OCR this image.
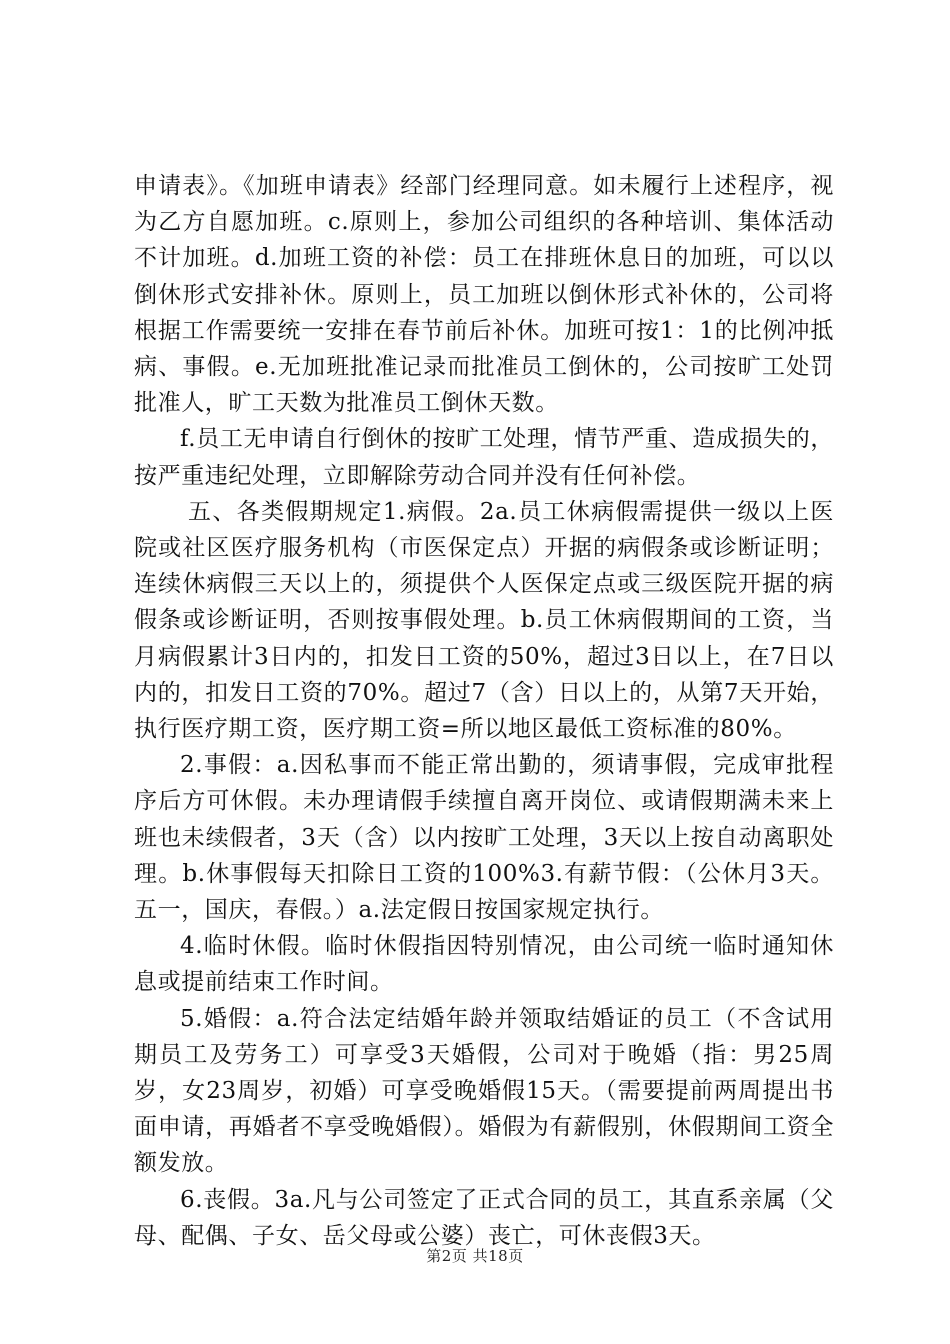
申请表》。《加班申请表》经部门经理同意。如未履行上述程序，视为乙方自愿加班。c.原则上，参加公司组织的各种培训、集体活动不计加班。d.加班工资的补偿：员工在排班休息日的加班，可以以倒休形式安排补休。原则上，员工加班以倒休形式补休的，公司将根据工作需要统一安排在春节前后补休。加班可按1：1的比例冲抵病、事假。e.无加班批准记录而批准员工倒休的，公司按旷工处罚批准人，旷工天数为批准员工倒休天数。

f.员工无申请自行倒休的按旷工处理，情节严重、造成损失的，按严重违纪处理，立即解除劳动合同并没有任何补偿。

五、各类假期规定1.病假。2a.员工休病假需提供一级以上医院或社区医疗服务机构（市医保定点）开据的病假条或诊断证明；连续休病假三天以上的，须提供个人医保定点或三级医院开据的病假条或诊断证明，否则按事假处理。b.员工休病假期间的工资，当月病假累计3日内的，扣发日工资的50%，超过3日以上，在7日以内的，扣发日工资的70%。超过7（含）日以上的，从第7天开始，执行医疗期工资，医疗期工资=所以地区最低工资标准的80%。

2.事假：a.因私事而不能正常出勤的，须请事假，完成审批程序后方可休假。未办理请假手续擅自离开岗位、或请假期满未来上班也未续假者，3天（含）以内按旷工处理，3天以上按自动离职处理。b.休事假每天扣除日工资的100%3.有薪节假：（公休月3天。五一，国庆，春假。）a.法定假日按国家规定执行。

4.临时休假。临时休假指因特别情况，由公司统一临时通知休息或提前结束工作时间。

5.婚假：a.符合法定结婚年龄并领取结婚证的员工（不含试用期员工及劳务工）可享受3天婚假，公司对于晚婚（指：男25周岁，女23周岁，初婚）可享受晚婚假15天。（需要提前两周提出书面申请，再婚者不享受晚婚假）。婚假为有薪假别，休假期间工资全额发放。

6.丧假。3a.凡与公司签定了正式合同的员工，其直系亲属（父母、配偶、子女、岳父母或公婆）丧亡，可休丧假3天。

第2页 共18页
